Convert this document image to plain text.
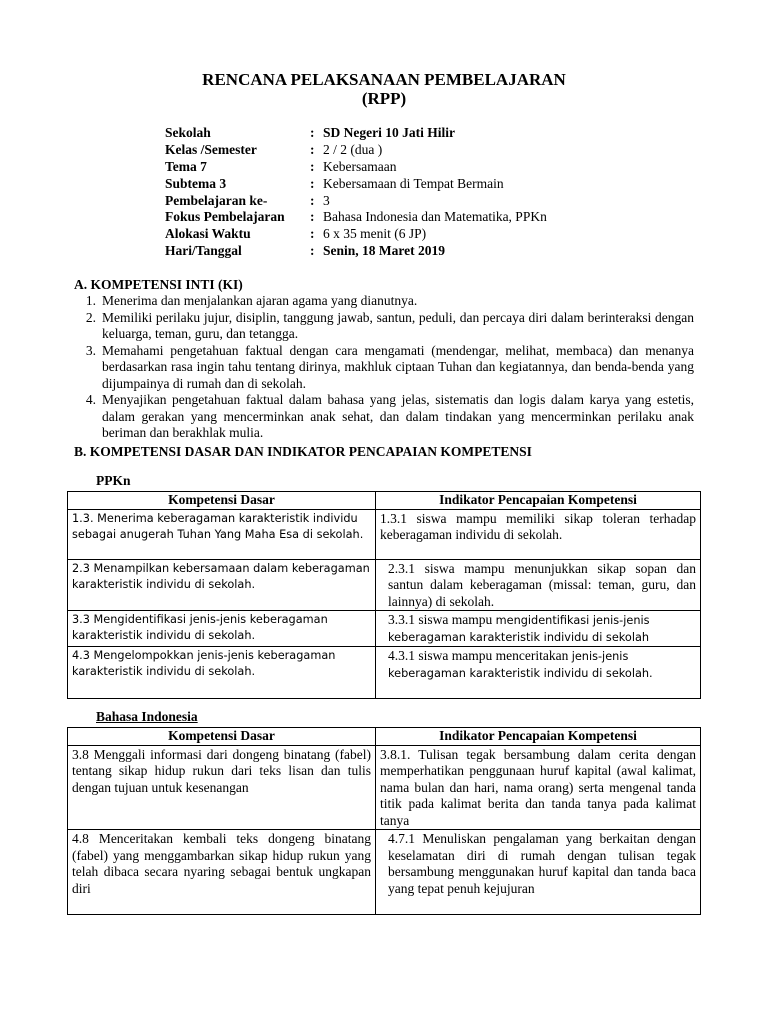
RENCANA PELAKSANAAN PEMBELAJARAN
(RPP)
Sekolah	: SD Negeri 10 Jati Hilir
Kelas /Semester	: 2 / 2 (dua )
Tema 7	: Kebersamaan
Subtema 3	: Kebersamaan di Tempat Bermain
Pembelajaran ke-	: 3
Fokus Pembelajaran	: Bahasa Indonesia dan Matematika, PPKn
Alokasi Waktu	: 6 x 35 menit (6 JP)
Hari/Tanggal	: Senin, 18 Maret 2019
A. KOMPETENSI INTI (KI)
1. Menerima dan menjalankan ajaran agama yang dianutnya.
2. Memiliki perilaku jujur, disiplin, tanggung jawab, santun, peduli, dan percaya diri dalam berinteraksi dengan keluarga, teman, guru, dan tetangga.
3. Memahami pengetahuan faktual dengan cara mengamati (mendengar, melihat, membaca) dan menanya berdasarkan rasa ingin tahu tentang dirinya, makhluk ciptaan Tuhan dan kegiatannya, dan benda-benda yang dijumpainya di rumah dan di sekolah.
4. Menyajikan pengetahuan faktual dalam bahasa yang jelas, sistematis dan logis dalam karya yang estetis, dalam gerakan yang mencerminkan anak sehat, dan dalam tindakan yang mencerminkan perilaku anak beriman dan berakhlak mulia.
B. KOMPETENSI DASAR DAN INDIKATOR PENCAPAIAN KOMPETENSI
PPKn
Kompetensi Dasar	Indikator Pencapaian Kompetensi
1.3. Menerima keberagaman karakteristik individu sebagai anugerah Tuhan Yang Maha Esa di sekolah.	1.3.1 siswa mampu memiliki sikap toleran terhadap keberagaman individu di sekolah.
2.3 Menampilkan kebersamaan dalam keberagaman karakteristik individu di sekolah.	2.3.1 siswa mampu menunjukkan sikap sopan dan santun dalam keberagaman (missal: teman, guru, dan lainnya) di sekolah.
3.3 Mengidentifikasi jenis-jenis keberagaman karakteristik individu di sekolah.	3.3.1 siswa mampu mengidentifikasi jenis-jenis keberagaman karakteristik individu di sekolah
4.3 Mengelompokkan jenis-jenis keberagaman karakteristik individu di sekolah.	4.3.1 siswa mampu menceritakan jenis-jenis keberagaman karakteristik individu di sekolah.
Bahasa Indonesia
Kompetensi Dasar	Indikator Pencapaian Kompetensi
3.8 Menggali informasi dari dongeng binatang (fabel) tentang sikap hidup rukun dari teks lisan dan tulis dengan tujuan untuk kesenangan	3.8.1. Tulisan tegak bersambung dalam cerita dengan memperhatikan penggunaan huruf kapital (awal kalimat, nama bulan dan hari, nama orang) serta mengenal tanda titik pada kalimat berita dan tanda tanya pada kalimat tanya
4.8 Menceritakan kembali teks dongeng binatang (fabel) yang menggambarkan sikap hidup rukun yang telah dibaca secara nyaring sebagai bentuk ungkapan diri	4.7.1 Menuliskan pengalaman yang berkaitan dengan keselamatan diri di rumah dengan tulisan tegak bersambung menggunakan huruf kapital dan tanda baca yang tepat penuh kejujuran
